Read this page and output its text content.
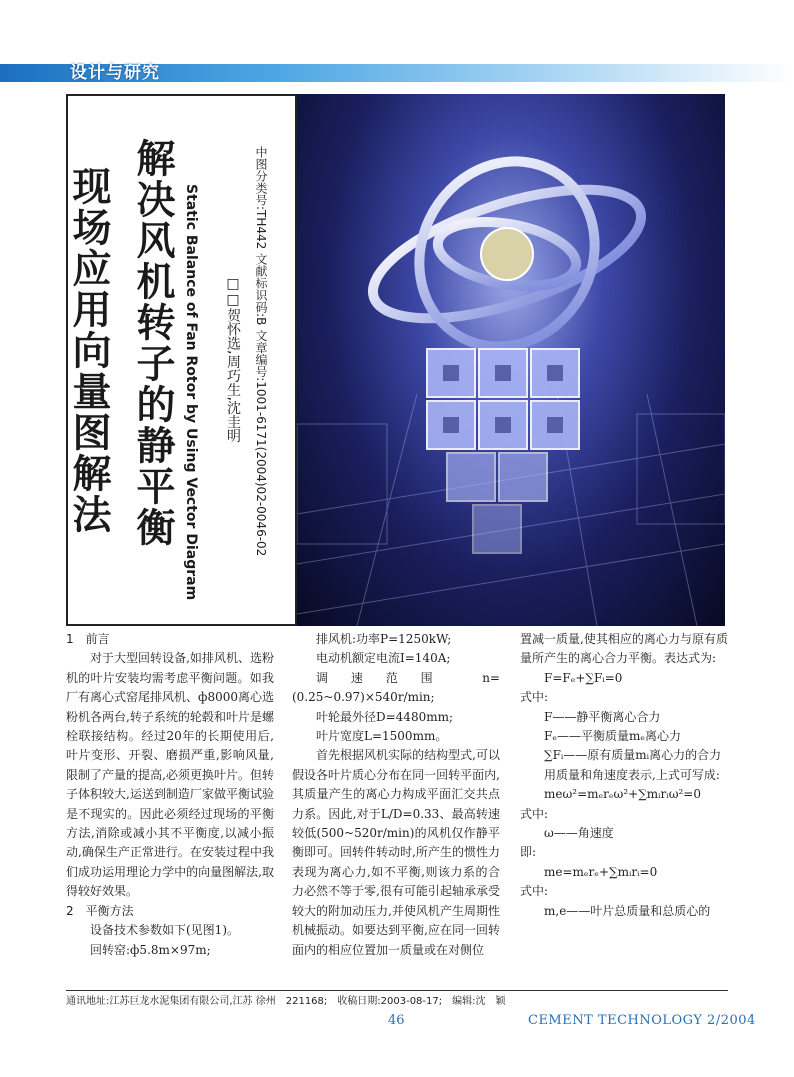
设计与研究
现场应用向量图解法 解决风机转子的静平衡 Static Balance of Fan Rotor by Using Vector Diagram □□贺怀选,周巧生,沈圭明 中图分类号:TH442 文献标识码:B 文章编号:1001-6171(2004)02-0046-02

1　前言

对于大型回转设备,如排风机、选粉机的叶片安装均需考虑平衡问题。如我厂有离心式窑尾排风机、ф8000离心选粉机各两台,转子系统的轮毂和叶片是螺栓联接结构。经过20年的长期使用后,叶片变形、开裂、磨损严重,影响风量,限制了产量的提高,必须更换叶片。但转子体积较大,运送到制造厂家做平衡试验是不现实的。因此必须经过现场的平衡方法,消除或减小其不平衡度,以减小振动,确保生产正常进行。在安装过程中我们成功运用理论力学中的向量图解法,取得较好效果。

2　平衡方法

设备技术参数如下(见图1)。

回转窑:ф5.8m×97m;

排风机:功率P=1250kW;

电动机额定电流I=140A;

调速范围 n=(0.25~0.97)×540r/min;

叶轮最外径D=4480mm;

叶片宽度L=1500mm。

首先根据风机实际的结构型式,可以假设各叶片质心分布在同一回转平面内,其质量产生的离心力构成平面汇交共点力系。因此,对于L/D=0.33、最高转速较低(500~520r/min)的风机仅作静平衡即可。回转件转动时,所产生的惯性力表现为离心力,如不平衡,则该力系的合力必然不等于零,很有可能引起轴承承受较大的附加动压力,并使风机产生周期性机械振动。如要达到平衡,应在同一回转面内的相应位置加一质量或在对侧位

置减一质量,使其相应的离心力与原有质量所产生的离心合力平衡。表达式为:

F=Fₑ+∑Fᵢ=0

式中:

F——静平衡离心合力

Fₑ——平衡质量mₑ离心力

∑Fᵢ——原有质量mᵢ离心力的合力

用质量和角速度表示,上式可写成:

meω²=mₑrₑω²+∑mᵢrᵢω²=0

式中:

ω——角速度

即:

me=mₑrₑ+∑mᵢrᵢ=0

式中:

m,e——叶片总质量和总质心的

通讯地址:江苏巨龙水泥集团有限公司,江苏 徐州　221168;　收稿日期:2003-08-17;　编辑:沈　颖
46	CEMENT TECHNOLOGY 2/2004
